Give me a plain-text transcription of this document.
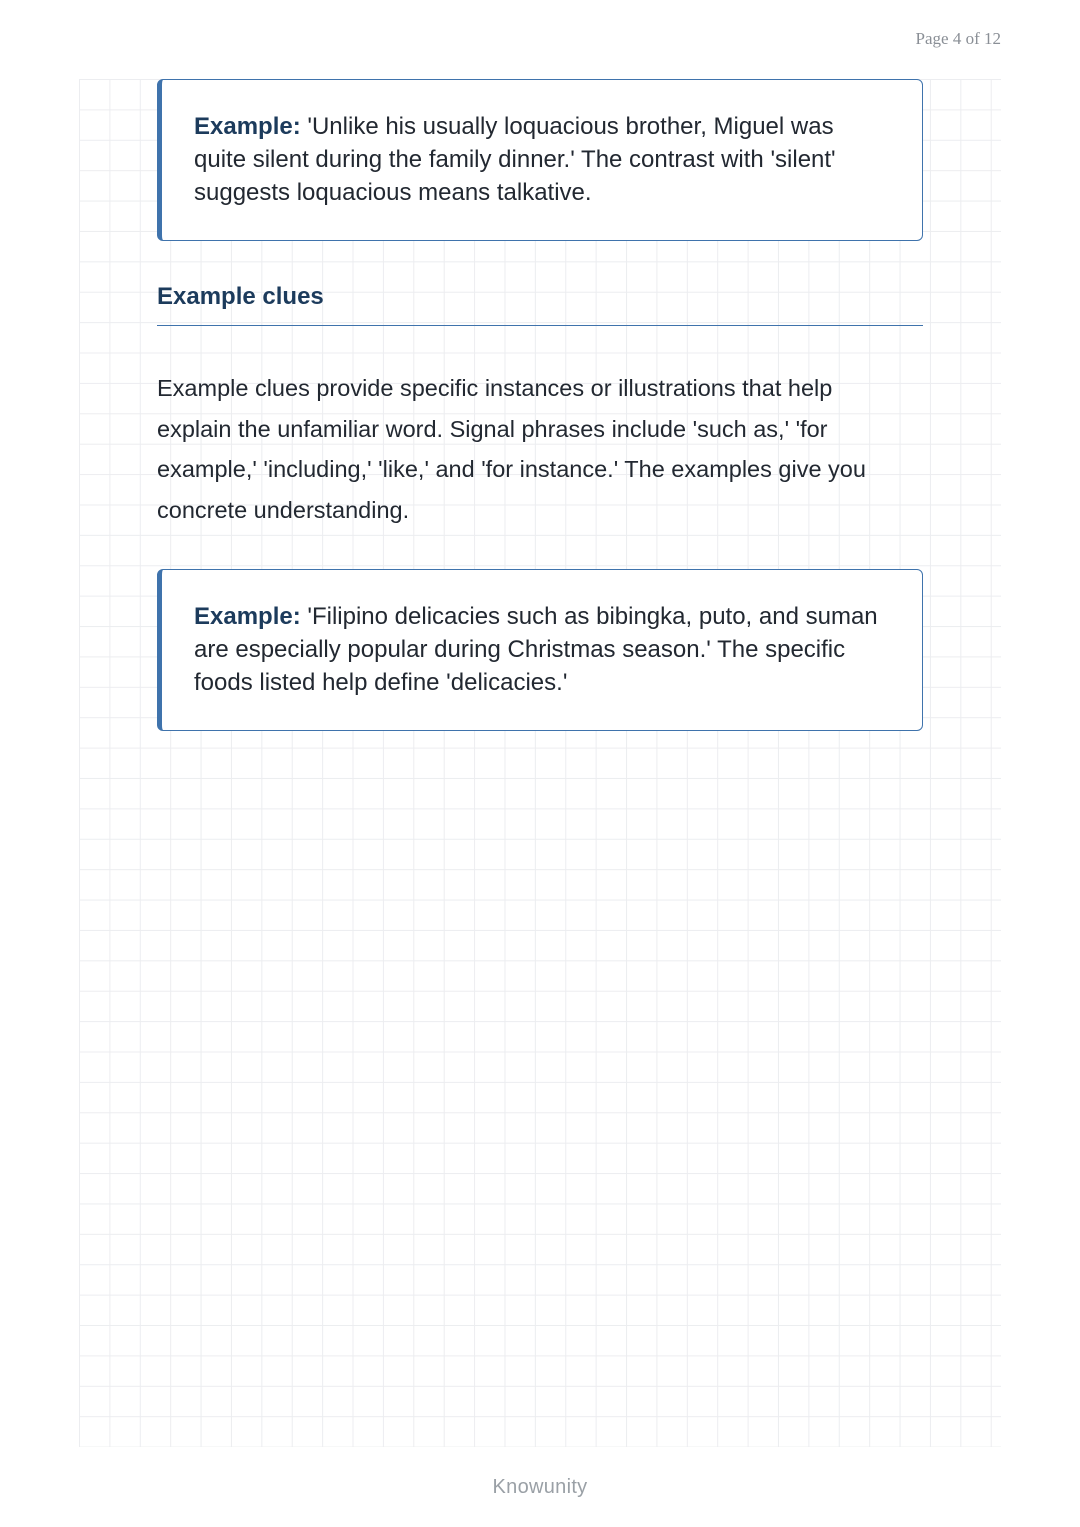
Page 4 of 12
Example: 'Unlike his usually loquacious brother, Miguel was quite silent during the family dinner.' The contrast with 'silent' suggests loquacious means talkative.
Example clues

Example clues provide specific instances or illustrations that help explain the unfamiliar word. Signal phrases include 'such as,' 'for example,' 'including,' 'like,' and 'for instance.' The examples give you concrete understanding.

Example: 'Filipino delicacies such as bibingka, puto, and suman are especially popular during Christmas season.' The specific foods listed help define 'delicacies.'
Knowunity
